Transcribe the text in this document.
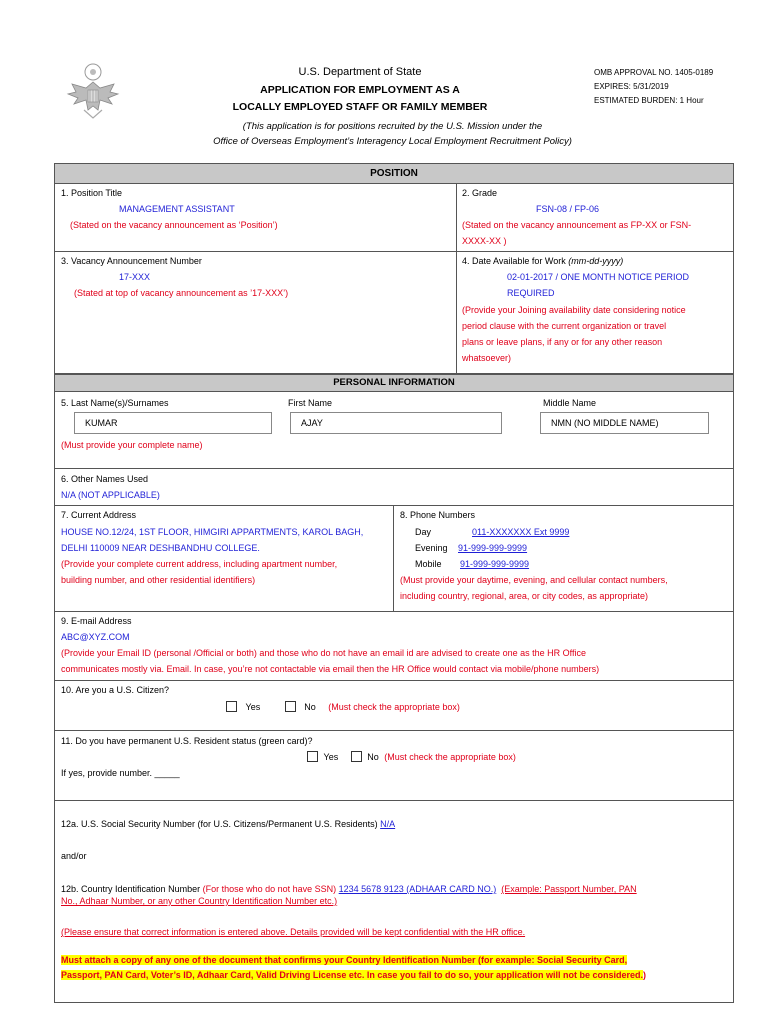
U.S. Department of State
APPLICATION FOR EMPLOYMENT AS A
LOCALLY EMPLOYED STAFF OR FAMILY MEMBER
(This application is for positions recruited by the U.S. Mission under the
Office of Overseas Employment’s Interagency Local Employment Recruitment Policy)
OMB APPROVAL NO. 1405-0189
EXPIRES: 5/31/2019
ESTIMATED BURDEN: 1 Hour
POSITION
1. Position Title
MANAGEMENT ASSISTANT
(Stated on the vacancy announcement as ‘Position’)
2. Grade
FSN-08 / FP-06
(Stated on the vacancy announcement as FP-XX or FSN-
XXXX-XX )
3. Vacancy Announcement Number
17-XXX
(Stated at top of vacancy announcement as ’17-XXX’)
4. Date Available for Work (mm-dd-yyyy)
02-01-2017 / ONE MONTH NOTICE PERIOD
REQUIRED
(Provide your Joining availability date considering notice
period clause with the current organization or travel
plans or leave plans, if any or for any other reason
whatsoever)
PERSONAL INFORMATION
5. Last Name(s)/Surnames	First Name	Middle Name
KUMAR	AJAY	NMN (NO MIDDLE NAME)
(Must provide your complete name)
6. Other Names Used
N/A (NOT APPLICABLE)
7. Current Address
HOUSE NO.12/24, 1ST FLOOR, HIMGIRI APPARTMENTS, KAROL BAGH,
DELHI 110009 NEAR DESHBANDHU COLLEGE.
(Provide your complete current address, including apartment number,
building number, and other residential identifiers)
8. Phone Numbers
Day	011-XXXXXXX Ext 9999
Evening 91-999-999-9999
Mobile 91-999-999-9999
(Must provide your daytime, evening, and cellular contact numbers,
including country, regional, area, or city codes, as appropriate)
9. E-mail Address
ABC@XYZ.COM
(Provide your Email ID (personal /Official or both) and those who do not have an email id are advised to create one as the HR Office
communicates mostly via. Email. In case, you’re not contactable via email then the HR Office would contact via mobile/phone numbers)
10. Are you a U.S. Citizen?
Yes	No (Must check the appropriate box)
11. Do you have permanent U.S. Resident status (green card)?
Yes	No (Must check the appropriate box)
If yes, provide number. _____
12a. U.S. Social Security Number (for U.S. Citizens/Permanent U.S. Residents) N/A
and/or
12b. Country Identification Number (For those who do not have SSN) 1234 5678 9123 (ADHAAR CARD NO.) (Example: Passport Number, PAN
No., Adhaar Number, or any other Country Identification Number etc.)
(Please ensure that correct information is entered above. Details provided will be kept confidential with the HR office.
Must attach a copy of any one of the document that confirms your Country Identification Number (for example: Social Security Card,
Passport, PAN Card, Voter’s ID, Adhaar Card, Valid Driving License etc. In case you fail to do so, your application will not be considered.)
